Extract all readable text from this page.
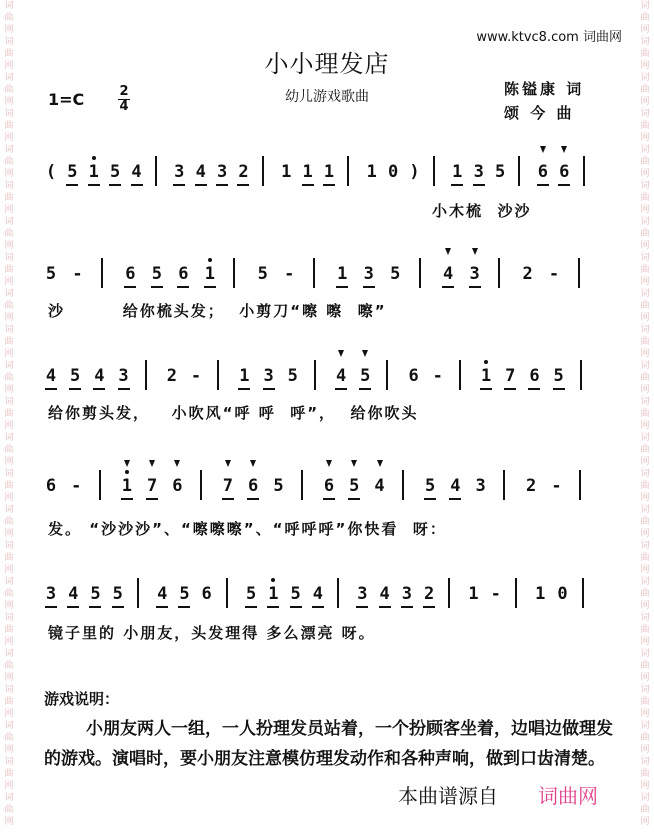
词
曲
网
词
曲
网
词
曲
网
词
曲
网
词
曲
网
词
曲
网
词
曲
网
词
曲
网
词
曲
网
词
曲
网
词
曲
网
词
曲
网
词
曲
网
词
曲
网
词
曲
网
词
曲
网
词
曲
网
词
曲
网
词
曲
网
词
曲
网
词
曲
网
词
曲
网
词
曲
网
词
曲
网
词
曲
网
词
曲
网
词
曲
网
词
曲
网
词
曲
网
词
曲
网
词
曲
网
词
曲
网
词
曲
网
词
曲
网
词
曲
网
词
曲
网
词
曲
网
词
曲
网
词
曲
网
词
曲
网
词
曲
网
词
曲
网
词
曲
网
词
曲
网
词
曲
网
词
曲
网
www.ktvc8.com 词曲网
小小理发店
幼儿游戏歌曲
1=C	2
4
陈镒康 词
颂 今 曲
( 5 1 5 4 3 4 3 2 1 1 1 1 0 ) 1 3 5 6 6
小木梳  沙沙
5 -	6 5 6 1	5 -	1 3 5	4 3	2 -
沙        给你梳头发；  小剪刀“嚓 嚓  嚓”
4 5 4 3 2 - 1 3 5 4 5 6 - 1 7 6 5
给你剪头发，   小吹风“呼 呼  呼”，  给你吹头
6 - 1 7 6 7 6 5 6 5 4 5 4 3 2 -
发。 “沙沙沙”、“嚓嚓嚓”、“呼呼呼”你快看  呀：
3 4 5 5 4 5 6 5 1 5 4 3 4 3 2 1 - 1 0
镜子里的 小朋友，头发理得 多么漂亮 呀。
游戏说明：
小朋友两人一组，一人扮理发员站着，一个扮顾客坐着，边唱边做理发的游戏。演唱时，要小朋友注意模仿理发动作和各种声响，做到口齿清楚。
本曲谱源自 词曲网
